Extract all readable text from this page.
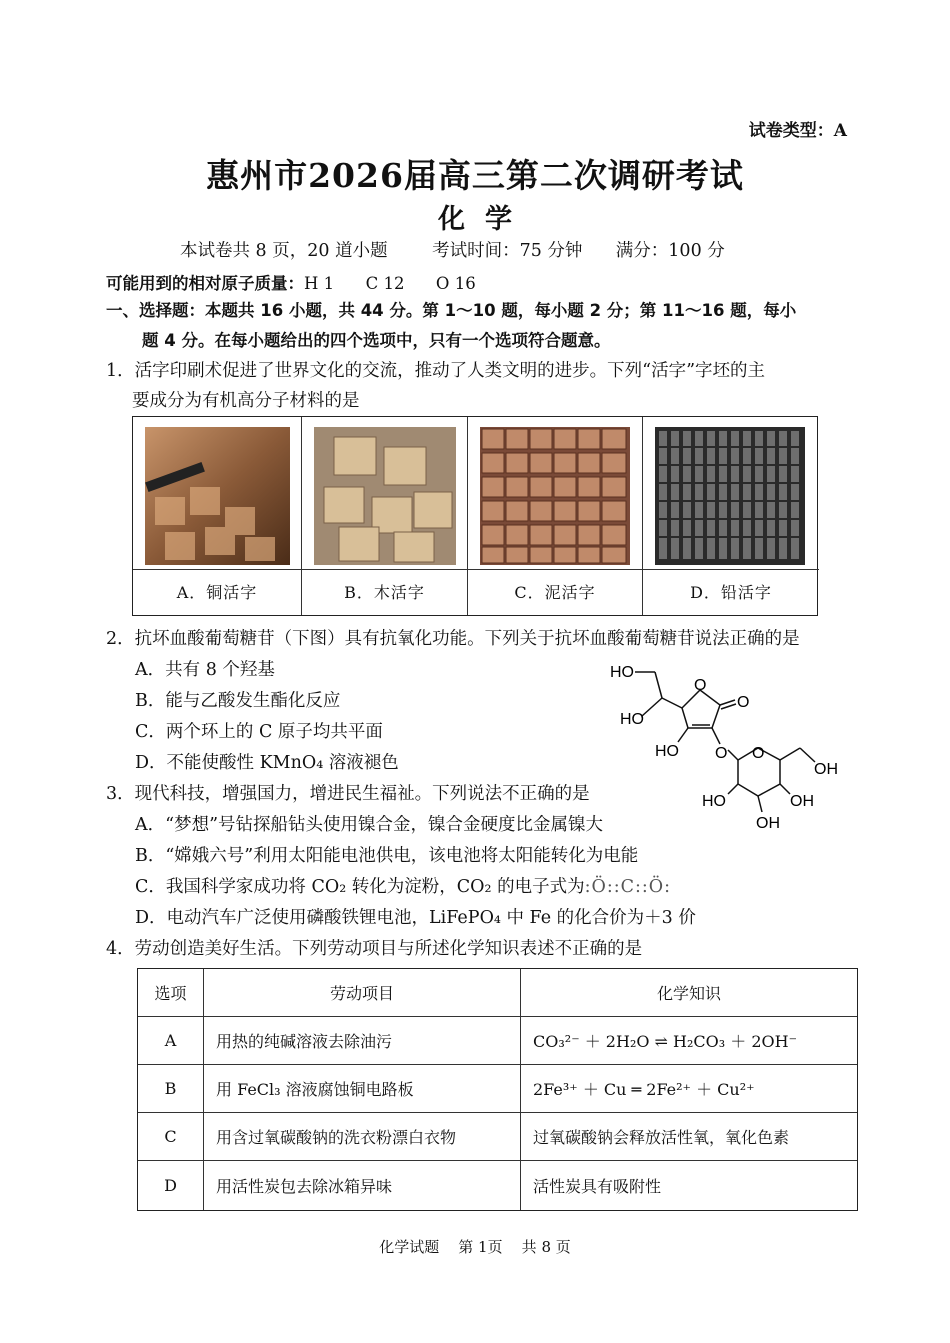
试卷类型：A
惠州市2026届高三第二次调研考试
化学
本试卷共 8 页，20 道小题        考试时间：75 分钟      满分：100 分
可能用到的相对原子质量：H 1      C 12      O 16
一、选择题：本题共 16 小题，共 44 分。第 1～10 题，每小题 2 分；第 11～16 题，每小
题 4 分。在每小题给出的四个选项中，只有一个选项符合题意。
1．活字印刷术促进了世界文化的交流，推动了人类文明的进步。下列“活字”字坯的主
要成分为有机高分子材料的是
A．铜活字	B．木活字	C．泥活字	D．铅活字
2．抗坏血酸葡萄糖苷（下图）具有抗氧化功能。下列关于抗坏血酸葡萄糖苷说法正确的是
A．共有 8 个羟基
B．能与乙酸发生酯化反应
C．两个环上的 C 原子均共平面
D．不能使酸性 KMnO₄ 溶液褪色
HO
HO
HO
O
O
O O
OH
HO	OH
OH
3．现代科技，增强国力，增进民生福祉。下列说法不正确的是
A．“梦想”号钻探船钻头使用镍合金，镍合金硬度比金属镍大
B．“嫦娥六号”利用太阳能电池供电，该电池将太阳能转化为电能
C．我国科学家成功将 CO₂ 转化为淀粉，CO₂ 的电子式为:Ö::C::Ö:
D．电动汽车广泛使用磷酸铁锂电池，LiFePO₄ 中 Fe 的化合价为＋3 价
4．劳动创造美好生活。下列劳动项目与所述化学知识表述不正确的是
选项	劳动项目	化学知识
A	用热的纯碱溶液去除油污	CO₃²⁻ ＋ 2H₂O ⇌ H₂CO₃ ＋ 2OH⁻
B	用 FeCl₃ 溶液腐蚀铜电路板	2Fe³⁺ ＋ Cu ═ 2Fe²⁺ ＋ Cu²⁺
C	用含过氧碳酸钠的洗衣粉漂白衣物	过氧碳酸钠会释放活性氧，氧化色素
D	用活性炭包去除冰箱异味	活性炭具有吸附性
化学试题    第 1页    共 8 页
